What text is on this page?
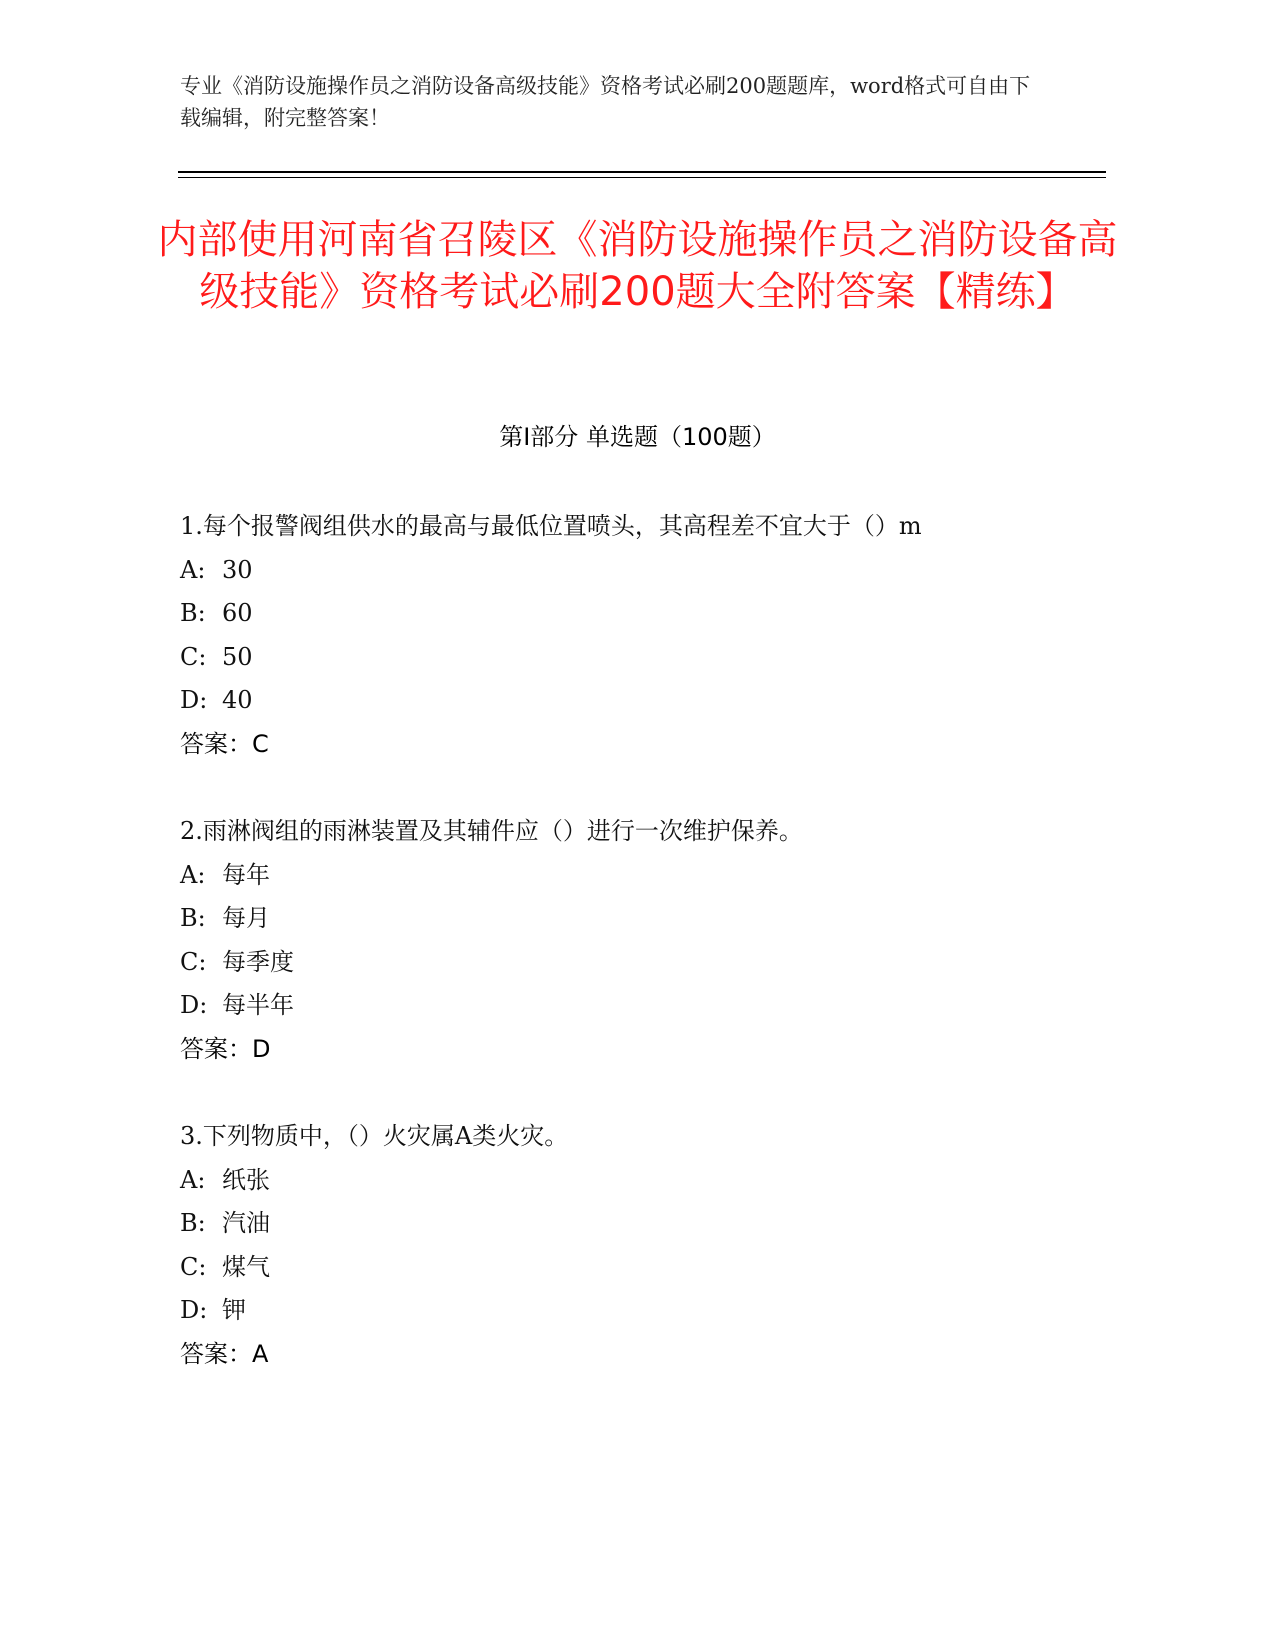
专业《消防设施操作员之消防设备高级技能》资格考试必刷200题题库，word格式可自由下载编辑，附完整答案！
内部使用河南省召陵区《消防设施操作员之消防设备高级技能》资格考试必刷200题大全附答案【精练】
第Ⅰ部分 单选题（100题）
1.每个报警阀组供水的最高与最低位置喷头，其高程差不宜大于（）m
A: 30
B: 60
C: 50
D: 40
答案：C
2.雨淋阀组的雨淋装置及其辅件应（）进行一次维护保养。
A: 每年
B: 每月
C: 每季度
D: 每半年
答案：D
3.下列物质中，（）火灾属A类火灾。
A: 纸张
B: 汽油
C: 煤气
D: 钾
答案：A
